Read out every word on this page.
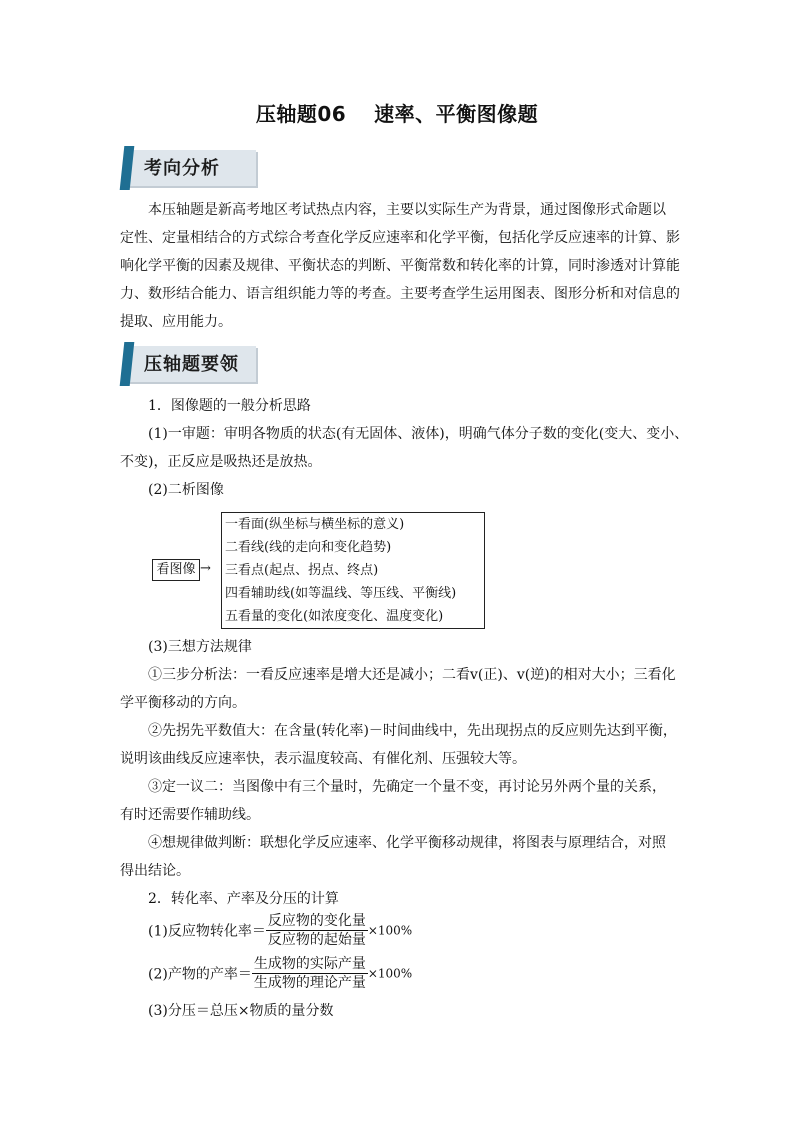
压轴题06 速率、平衡图像题
考向分析
本压轴题是新高考地区考试热点内容，主要以实际生产为背景，通过图像形式命题以
定性、定量相结合的方式综合考查化学反应速率和化学平衡，包括化学反应速率的计算、影
响化学平衡的因素及规律、平衡状态的判断、平衡常数和转化率的计算，同时渗透对计算能
力、数形结合能力、语言组织能力等的考查。主要考查学生运用图表、图形分析和对信息的
提取、应用能力。
压轴题要领
1．图像题的一般分析思路
(1)一审题：审明各物质的状态(有无固体、液体)，明确气体分子数的变化(变大、变小、
不变)，正反应是吸热还是放热。
(2)二析图像
看图像 →
一看面(纵坐标与横坐标的意义)
二看线(线的走向和变化趋势)
三看点(起点、拐点、终点)
四看辅助线(如等温线、等压线、平衡线)
五看量的变化(如浓度变化、温度变化)
(3)三想方法规律
①三步分析法：一看反应速率是增大还是减小；二看v(正)、v(逆)的相对大小；三看化
学平衡移动的方向。
②先拐先平数值大：在含量(转化率)－时间曲线中，先出现拐点的反应则先达到平衡，
说明该曲线反应速率快，表示温度较高、有催化剂、压强较大等。
③定一议二：当图像中有三个量时，先确定一个量不变，再讨论另外两个量的关系，
有时还需要作辅助线。
④想规律做判断：联想化学反应速率、化学平衡移动规律，将图表与原理结合，对照
得出结论。
2．转化率、产率及分压的计算
(1)反应物转化率＝ $\frac{\text{反应物的变化量}}{\text{反应物的起始量}} \times 100\%$
(2)产物的产率＝ $\frac{\text{生成物的实际产量}}{\text{生成物的理论产量}} \times 100\%$
(3)分压＝总压×物质的量分数
